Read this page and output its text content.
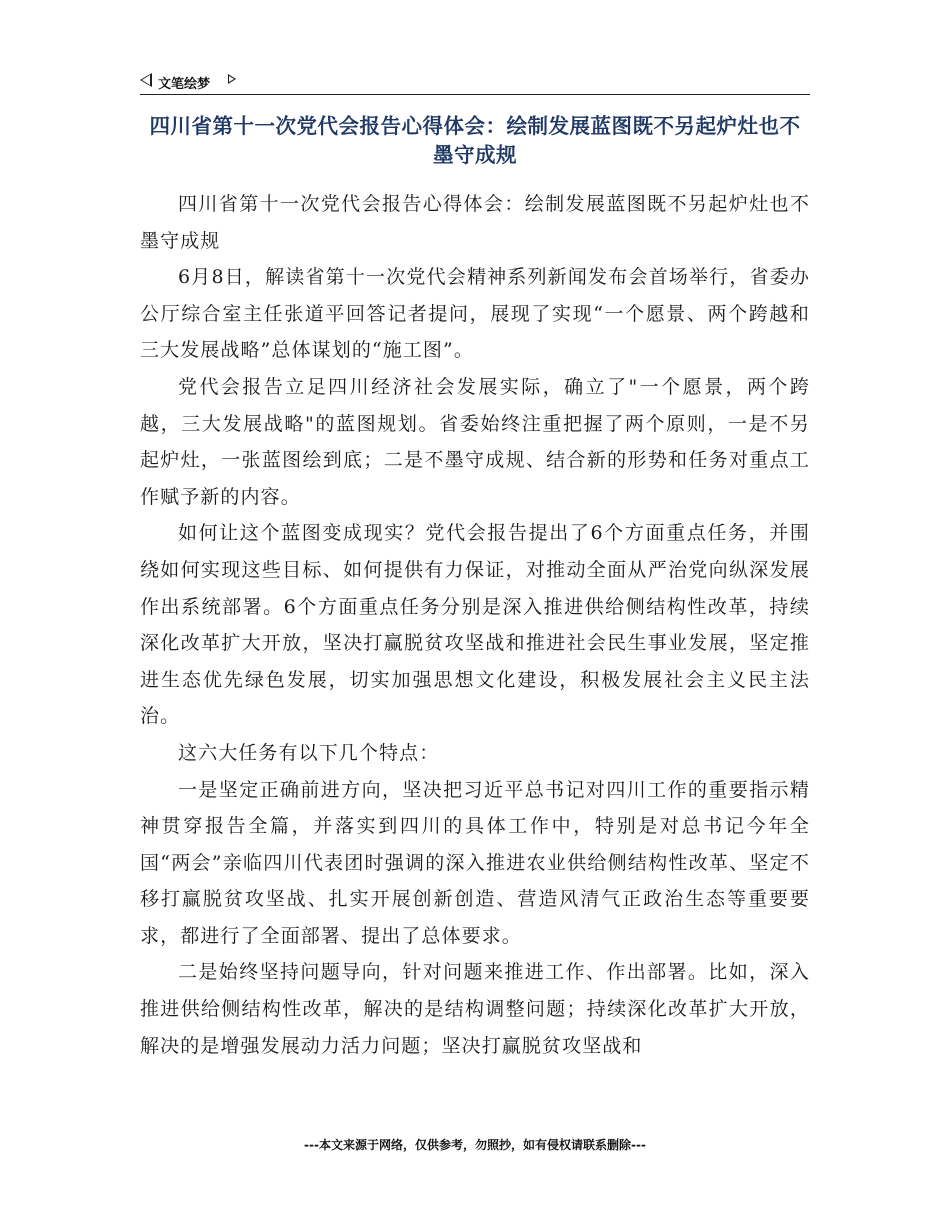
文笔绘梦
四川省第十一次党代会报告心得体会：绘制发展蓝图既不另起炉灶也不墨守成规

四川省第十一次党代会报告心得体会：绘制发展蓝图既不另起炉灶也不墨守成规

6月8日，解读省第十一次党代会精神系列新闻发布会首场举行，省委办公厅综合室主任张道平回答记者提问，展现了实现“一个愿景、两个跨越和三大发展战略”总体谋划的“施工图”。

党代会报告立足四川经济社会发展实际，确立了"一个愿景，两个跨越，三大发展战略"的蓝图规划。省委始终注重把握了两个原则，一是不另起炉灶，一张蓝图绘到底；二是不墨守成规、结合新的形势和任务对重点工作赋予新的内容。

如何让这个蓝图变成现实？党代会报告提出了6个方面重点任务，并围绕如何实现这些目标、如何提供有力保证，对推动全面从严治党向纵深发展作出系统部署。6个方面重点任务分别是深入推进供给侧结构性改革，持续深化改革扩大开放，坚决打赢脱贫攻坚战和推进社会民生事业发展，坚定推进生态优先绿色发展，切实加强思想文化建设，积极发展社会主义民主法治。

这六大任务有以下几个特点：

一是坚定正确前进方向，坚决把习近平总书记对四川工作的重要指示精神贯穿报告全篇，并落实到四川的具体工作中，特别是对总书记今年全国“两会”亲临四川代表团时强调的深入推进农业供给侧结构性改革、坚定不移打赢脱贫攻坚战、扎实开展创新创造、营造风清气正政治生态等重要要求，都进行了全面部署、提出了总体要求。

二是始终坚持问题导向，针对问题来推进工作、作出部署。比如，深入推进供给侧结构性改革，解决的是结构调整问题；持续深化改革扩大开放，解决的是增强发展动力活力问题；坚决打赢脱贫攻坚战和

---本文来源于网络，仅供参考，勿照抄，如有侵权请联系删除---
